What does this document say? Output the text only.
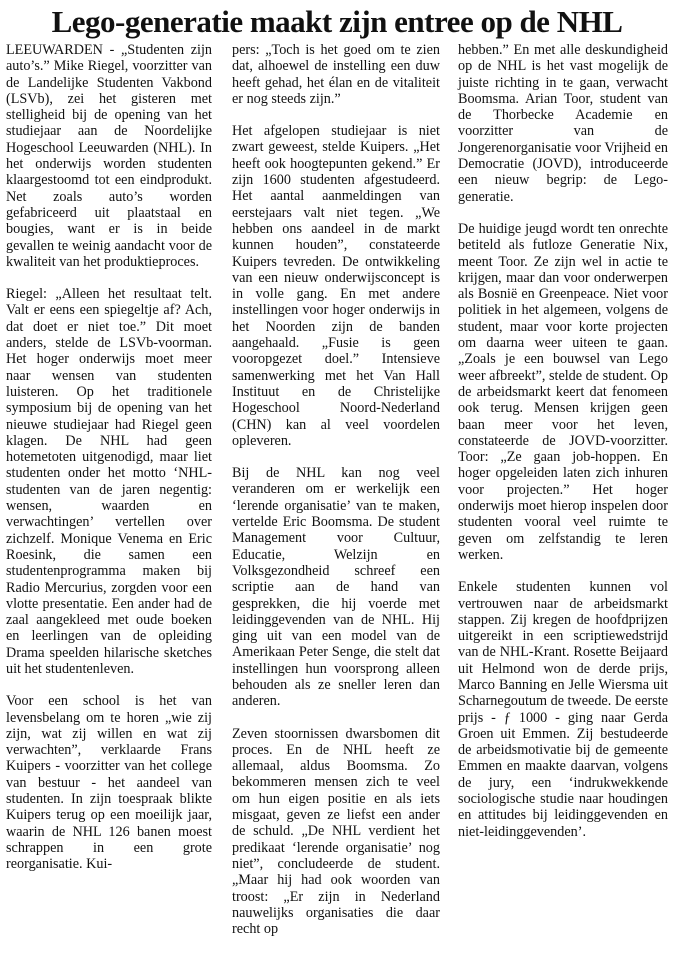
Lego-generatie maakt zijn entree op de NHL

LEEUWARDEN - „Studenten zijn auto’s.” Mike Riegel, voorzitter van de Landelijke Studenten Vakbond (LSVb), zei het gisteren met stelligheid bij de opening van het studiejaar aan de Noordelijke Hogeschool Leeuwarden (NHL). In het onderwijs worden studenten klaargestoomd tot een eindprodukt. Net zoals auto’s worden gefabriceerd uit plaatstaal en bougies, want er is in beide gevallen te weinig aandacht voor de kwaliteit van het produktieproces.

Riegel: „Alleen het resultaat telt. Valt er eens een spiegeltje af? Ach, dat doet er niet toe.” Dit moet anders, stelde de LSVb-voorman. Het hoger onderwijs moet meer naar wensen van studenten luisteren. Op het traditionele symposium bij de opening van het nieuwe studiejaar had Riegel geen klagen. De NHL had geen hotemetoten uitgenodigd, maar liet studenten onder het motto ‘NHL-studenten van de jaren negentig: wensen, waarden en verwachtingen’ vertellen over zichzelf. Monique Venema en Eric Roesink, die samen een studentenprogramma maken bij Radio Mercurius, zorgden voor een vlotte presentatie. Een ander had de zaal aangekleed met oude boeken en leerlingen van de opleiding Drama speelden hilarische sketches uit het studentenleven.

Voor een school is het van levensbelang om te horen „wie zij zijn, wat zij willen en wat zij verwachten”, verklaarde Frans Kuipers - voorzitter van het college van bestuur - het aandeel van studenten. In zijn toespraak blikte Kuipers terug op een moeilijk jaar, waarin de NHL 126 banen moest schrappen in een grote reorganisatie. Kui-

pers: „Toch is het goed om te zien dat, alhoewel de instelling een duw heeft gehad, het élan en de vitaliteit er nog steeds zijn.”

Het afgelopen studiejaar is niet zwart geweest, stelde Kuipers. „Het heeft ook hoogtepunten gekend.” Er zijn 1600 studenten afgestudeerd. Het aantal aanmeldingen van eerstejaars valt niet tegen. „We hebben ons aandeel in de markt kunnen houden”, constateerde Kuipers tevreden. De ontwikkeling van een nieuw onderwijsconcept is in volle gang. En met andere instellingen voor hoger onderwijs in het Noorden zijn de banden aangehaald. „Fusie is geen vooropgezet doel.” Intensieve samenwerking met het Van Hall Instituut en de Christelijke Hogeschool Noord-Nederland (CHN) kan al veel voordelen opleveren.

Bij de NHL kan nog veel veranderen om er werkelijk een ‘lerende organisatie’ van te maken, vertelde Eric Boomsma. De student Management voor Cultuur, Educatie, Welzijn en Volksgezondheid schreef een scriptie aan de hand van gesprekken, die hij voerde met leidinggevenden van de NHL. Hij ging uit van een model van de Amerikaan Peter Senge, die stelt dat instellingen hun voorsprong alleen behouden als ze sneller leren dan anderen.

Zeven stoornissen dwarsbomen dit proces. En de NHL heeft ze allemaal, aldus Boomsma. Zo bekommeren mensen zich te veel om hun eigen positie en als iets misgaat, geven ze liefst een ander de schuld. „De NHL verdient het predikaat ‘lerende organisatie’ nog niet”, concludeerde de student. „Maar hij had ook woorden van troost: „Er zijn in Nederland nauwelijks organisaties die daar recht op

hebben.” En met alle deskundigheid op de NHL is het vast mogelijk de juiste richting in te gaan, verwacht Boomsma. Arian Toor, student van de Thorbecke Academie en voorzitter van de Jongerenorganisatie voor Vrijheid en Democratie (JOVD), introduceerde een nieuw begrip: de Lego-generatie.

De huidige jeugd wordt ten onrechte betiteld als futloze Generatie Nix, meent Toor. Ze zijn wel in actie te krijgen, maar dan voor onderwerpen als Bosnië en Greenpeace. Niet voor politiek in het algemeen, volgens de student, maar voor korte projecten om daarna weer uiteen te gaan. „Zoals je een bouwsel van Lego weer afbreekt”, stelde de student. Op de arbeidsmarkt keert dat fenomeen ook terug. Mensen krijgen geen baan meer voor het leven, constateerde de JOVD-voorzitter. Toor: „Ze gaan job-hoppen. En hoger opgeleiden laten zich inhuren voor projecten.” Het hoger onderwijs moet hierop inspelen door studenten vooral veel ruimte te geven om zelfstandig te leren werken.

Enkele studenten kunnen vol vertrouwen naar de arbeidsmarkt stappen. Zij kregen de hoofdprijzen uitgereikt in een scriptiewedstrijd van de NHL-Krant. Rosette Beijaard uit Helmond won de derde prijs, Marco Banning en Jelle Wiersma uit Scharnegoutum de tweede. De eerste prijs - ƒ 1000 - ging naar Gerda Groen uit Emmen. Zij bestudeerde de arbeidsmotivatie bij de gemeente Emmen en maakte daarvan, volgens de jury, een ‘indrukwekkende sociologische studie naar houdingen en attitudes bij leidinggevenden en niet-leidinggevenden’.
